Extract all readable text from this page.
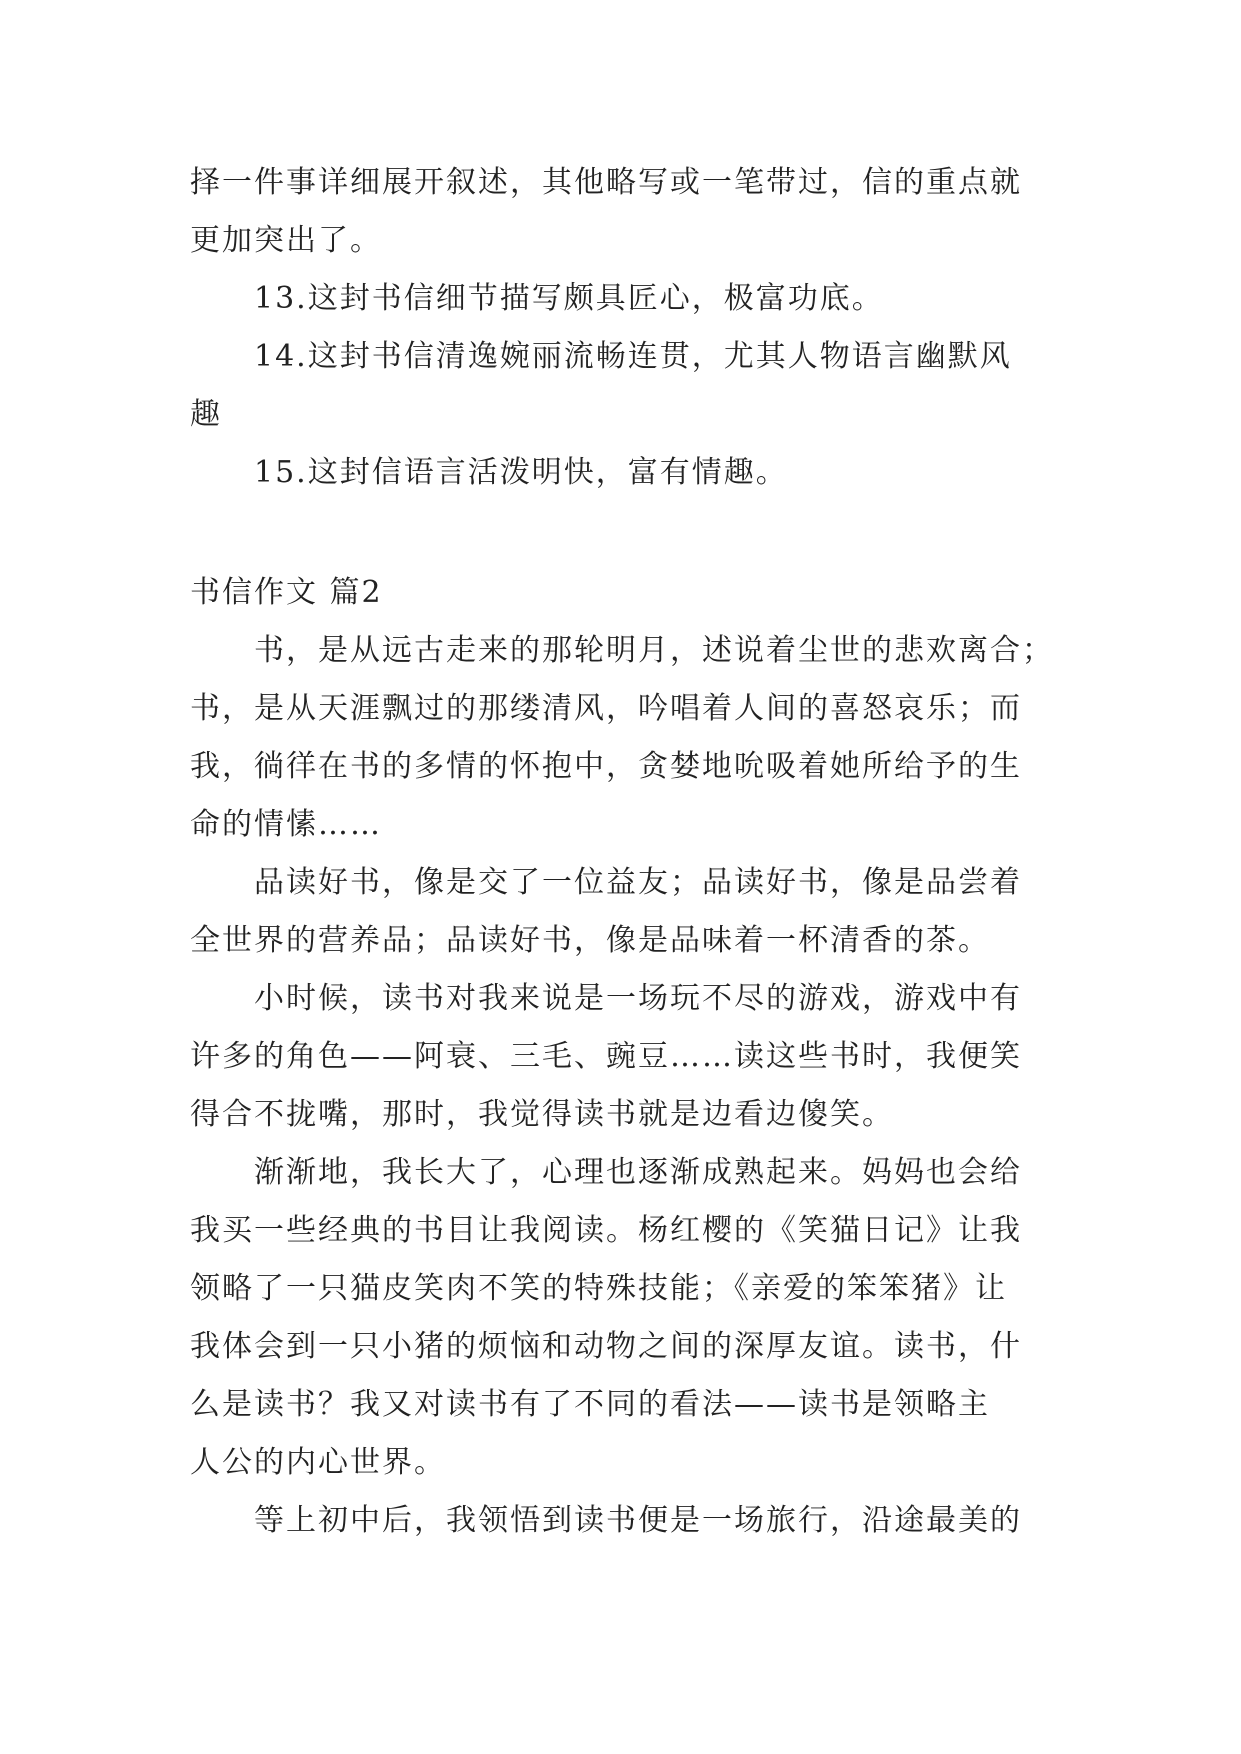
择一件事详细展开叙述，其他略写或一笔带过，信的重点就
更加突出了。
13.这封书信细节描写颇具匠心，极富功底。
14.这封书信清逸婉丽流畅连贯，尤其人物语言幽默风
趣
15.这封信语言活泼明快，富有情趣。
书信作文 篇2
书，是从远古走来的那轮明月，述说着尘世的悲欢离合；
书，是从天涯飘过的那缕清风，吟唱着人间的喜怒哀乐；而
我，徜徉在书的多情的怀抱中，贪婪地吮吸着她所给予的生
命的情愫……
品读好书，像是交了一位益友；品读好书，像是品尝着
全世界的营养品；品读好书，像是品味着一杯清香的茶。
小时候，读书对我来说是一场玩不尽的游戏，游戏中有
许多的角色——阿衰、三毛、豌豆……读这些书时，我便笑
得合不拢嘴，那时，我觉得读书就是边看边傻笑。
渐渐地，我长大了，心理也逐渐成熟起来。妈妈也会给
我买一些经典的书目让我阅读。杨红樱的《笑猫日记》让我
领略了一只猫皮笑肉不笑的特殊技能；《亲爱的笨笨猪》让
我体会到一只小猪的烦恼和动物之间的深厚友谊。读书，什
么是读书？我又对读书有了不同的看法——读书是领略主
人公的内心世界。
等上初中后，我领悟到读书便是一场旅行，沿途最美的
